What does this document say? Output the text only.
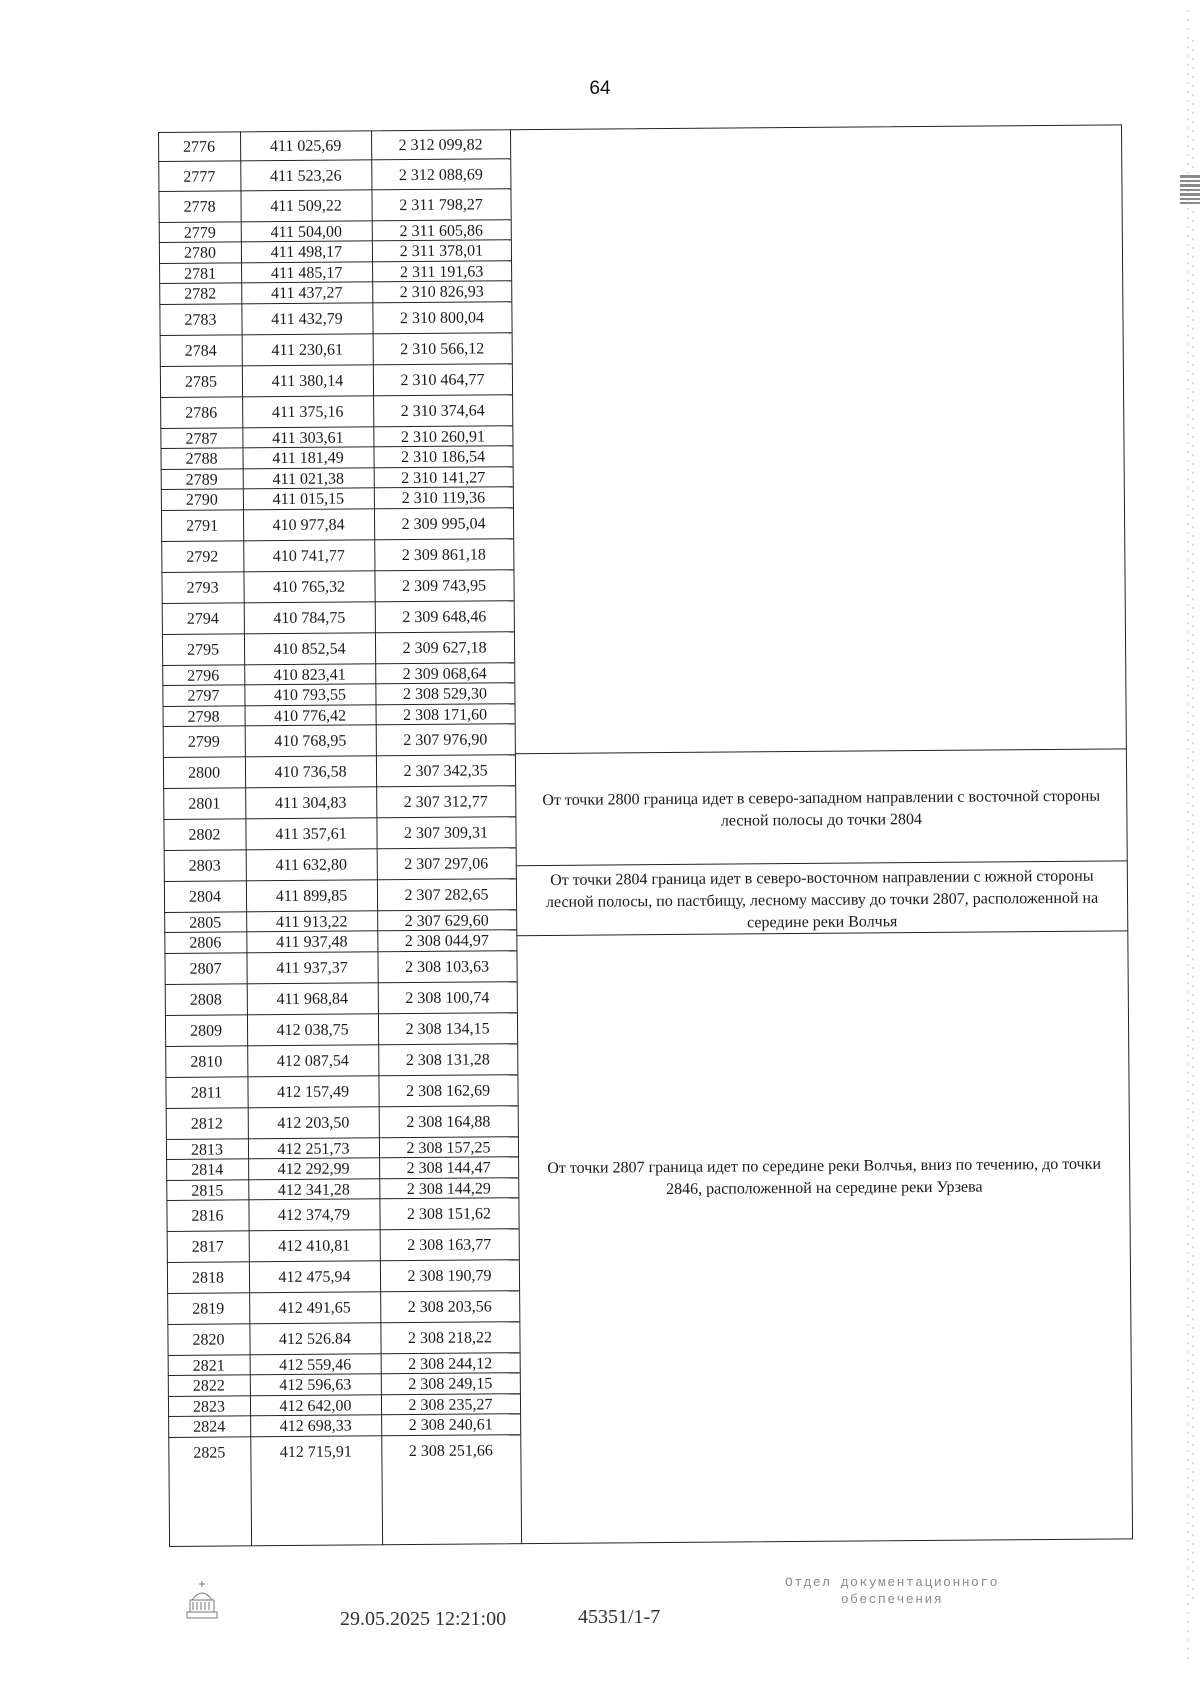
64
2776	411 025,69	2 312 099,82
2777	411 523,26	2 312 088,69
2778	411 509,22	2 311 798,27
2779	411 504,00	2 311 605,86
2780	411 498,17	2 311 378,01
2781	411 485,17	2 311 191,63
2782	411 437,27	2 310 826,93
2783	411 432,79	2 310 800,04
2784	411 230,61	2 310 566,12
2785	411 380,14	2 310 464,77
2786	411 375,16	2 310 374,64
2787	411 303,61	2 310 260,91
2788	411 181,49	2 310 186,54
2789	411 021,38	2 310 141,27
2790	411 015,15	2 310 119,36
2791	410 977,84	2 309 995,04
2792	410 741,77	2 309 861,18
2793	410 765,32	2 309 743,95
2794	410 784,75	2 309 648,46
2795	410 852,54	2 309 627,18
2796	410 823,41	2 309 068,64
2797	410 793,55	2 308 529,30
2798	410 776,42	2 308 171,60
2799	410 768,95	2 307 976,90
2800	410 736,58	2 307 342,35
2801	411 304,83	2 307 312,77
2802	411 357,61	2 307 309,31
2803	411 632,80	2 307 297,06
2804	411 899,85	2 307 282,65
2805	411 913,22	2 307 629,60
2806	411 937,48	2 308 044,97
2807	411 937,37	2 308 103,63
2808	411 968,84	2 308 100,74
2809	412 038,75	2 308 134,15
2810	412 087,54	2 308 131,28
2811	412 157,49	2 308 162,69
2812	412 203,50	2 308 164,88
2813	412 251,73	2 308 157,25
2814	412 292,99	2 308 144,47
2815	412 341,28	2 308 144,29
2816	412 374,79	2 308 151,62
2817	412 410,81	2 308 163,77
2818	412 475,94	2 308 190,79
2819	412 491,65	2 308 203,56
2820	412 526.84	2 308 218,22
2821	412 559,46	2 308 244,12
2822	412 596,63	2 308 249,15
2823	412 642,00	2 308 235,27
2824	412 698,33	2 308 240,61
2825	412 715,91	2 308 251,66
От точки 2800 граница идет в северо-западном направлении с восточной стороны лесной полосы до точки 2804
От точки 2804 граница идет в северо-восточном направлении с южной стороны лесной полосы, по пастбищу, лесному массиву до точки 2807, расположенной на середине реки Волчья
От точки 2807 граница идет по середине реки Волчья, вниз по течению, до точки 2846, расположенной на середине реки Урзева
29.05.2025 12:21:00	45351/1-7
Отдел документационного обеспечения
